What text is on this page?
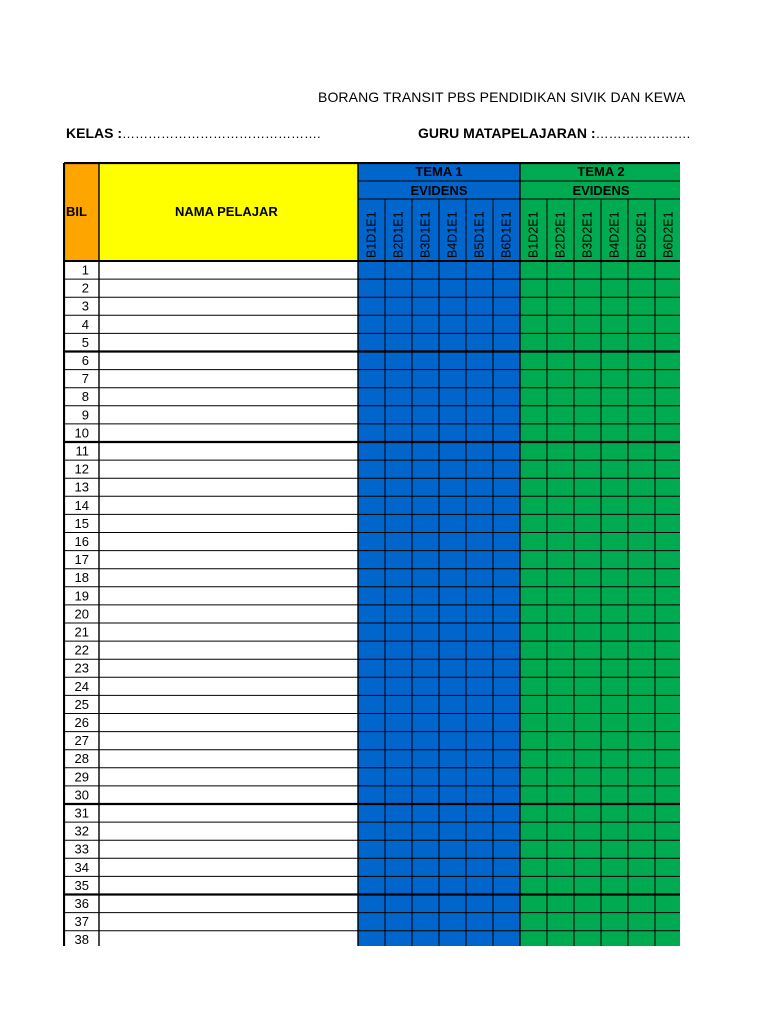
BORANG TRANSIT PBS PENDIDIKAN SIVIK DAN KEWA
KELAS :……………………………………….	GURU MATAPELAJARAN :………………….
BIL	NAMA PELAJAR
TEMA 1
EVIDENS
B1D1E1 B2D1E1 B3D1E1 B4D1E1 B5D1E1 B6D1E1
TEMA 2
EVIDENS
B1D2E1 B2D2E1 B3D2E1 B4D2E1 B5D2E1 B6D2E1
1
2
3
4
5
6
7
8
9
10
11
12
13
14
15
16
17
18
19
20
21
22
23
24
25
26
27
28
29
30
31
32
33
34
35
36
37
38
